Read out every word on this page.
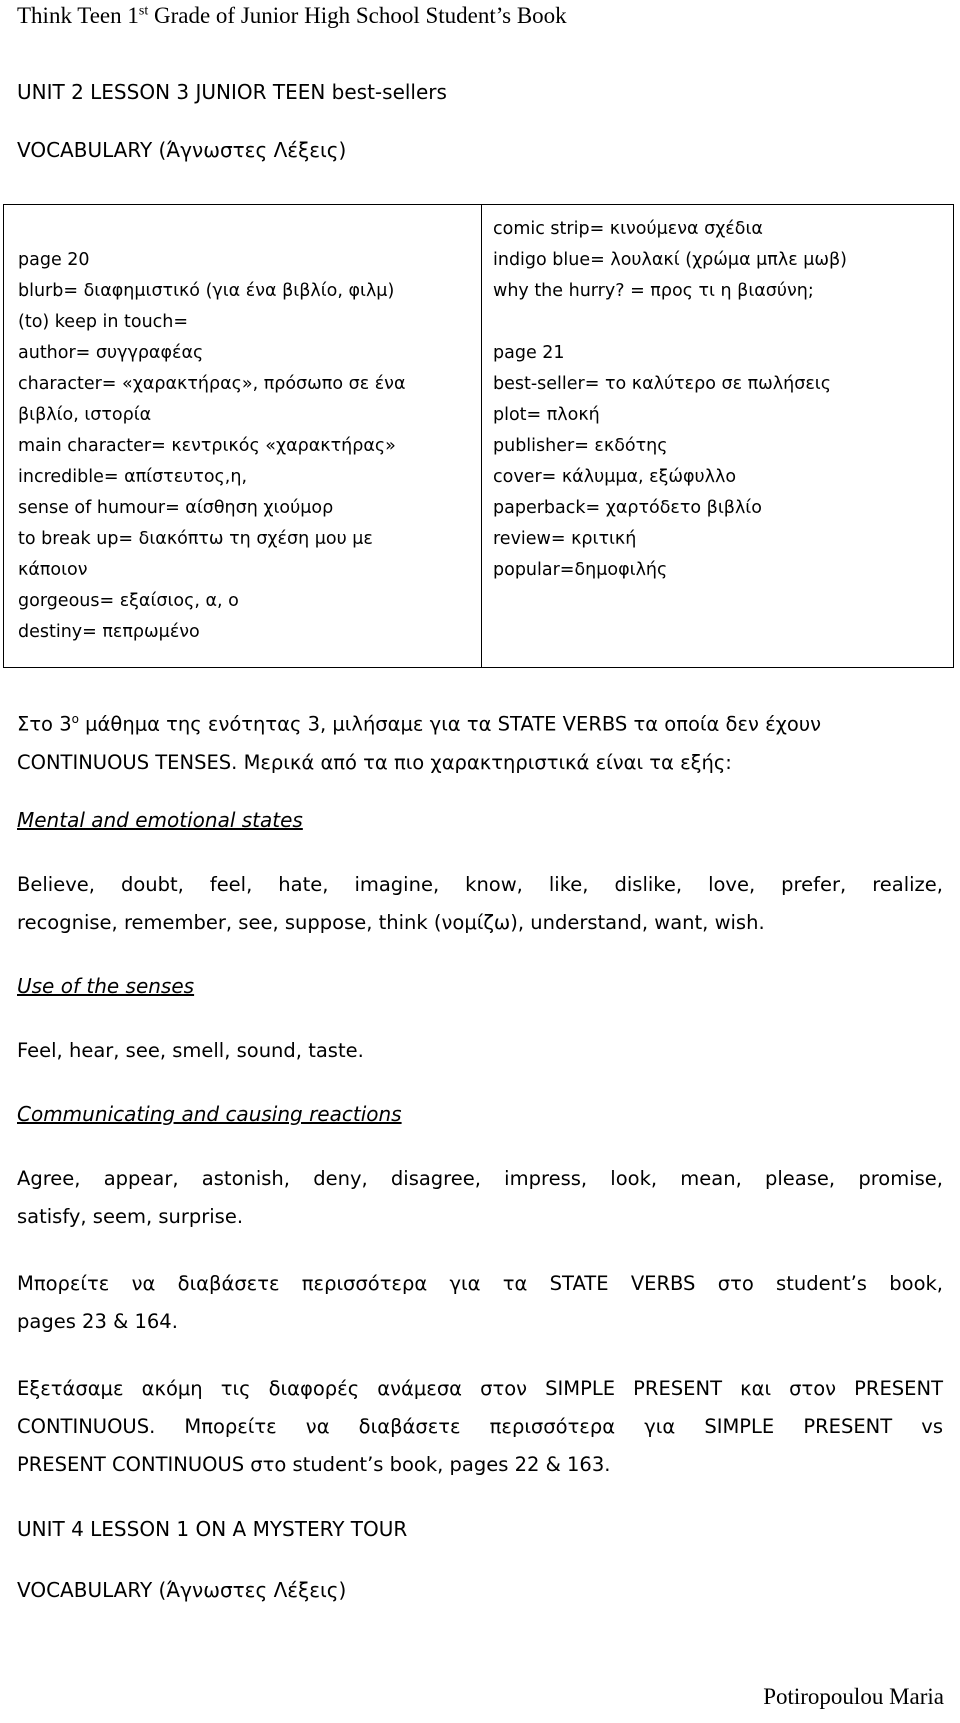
Think Teen 1st Grade of Junior High School Student’s Book
UNIT 2 LESSON 3 JUNIOR TEEN best-sellers
VOCABULARY (Άγνωστες Λέξεις)
page 20
blurb= διαφημιστικό (για ένα βιβλίο, φιλμ)
(to) keep in touch=
author= συγγραφέας
character= «χαρακτήρας», πρόσωπο σε ένα
βιβλίο, ιστορία
main character= κεντρικός «χαρακτήρας»
incredible= απίστευτος,η,
sense of humour= αίσθηση χιούμορ
to break up= διακόπτω τη σχέση μου με
κάποιον
gorgeous= εξαίσιος, α, ο
destiny= πεπρωμένο
comic strip= κινούμενα σχέδια
indigo blue= λουλακί (χρώμα μπλε μωβ)
why the hurry? = προς τι η βιασύνη;
page 21
best-seller= το καλύτερο σε πωλήσεις
plot= πλοκή
publisher= εκδότης
cover= κάλυμμα, εξώφυλλο
paperback= χαρτόδετο βιβλίο
review= κριτική
popular=δημοφιλής
Στο $3^o$ μάθημα της ενότητας 3, μιλήσαμε για τα STATE VERBS τα οποία δεν έχουν
CONTINUOUS TENSES. Μερικά από τα πιο χαρακτηριστικά είναι τα εξής:
Mental and emotional states
Believe, doubt, feel, hate, imagine, know, like, dislike, love, prefer, realize,
recognise, remember, see, suppose, think (νομίζω), understand, want, wish.
Use of the senses
Feel, hear, see, smell, sound, taste.
Communicating and causing reactions
Agree, appear, astonish, deny, disagree, impress, look, mean, please, promise,
satisfy, seem, surprise.
Μπορείτε να διαβάσετε περισσότερα για τα STATE VERBS στο student’s book,
pages 23 & 164.
Εξετάσαμε ακόμη τις διαφορές ανάμεσα στον SIMPLE PRESENT και στον PRESENT
CONTINUOUS. Μπορείτε να διαβάσετε περισσότερα για SIMPLE PRESENT vs
PRESENT CONTINUOUS στο student’s book, pages 22 & 163.
UNIT 4 LESSON 1 ON A MYSTERY TOUR
VOCABULARY (Άγνωστες Λέξεις)
Potiropoulou Maria
